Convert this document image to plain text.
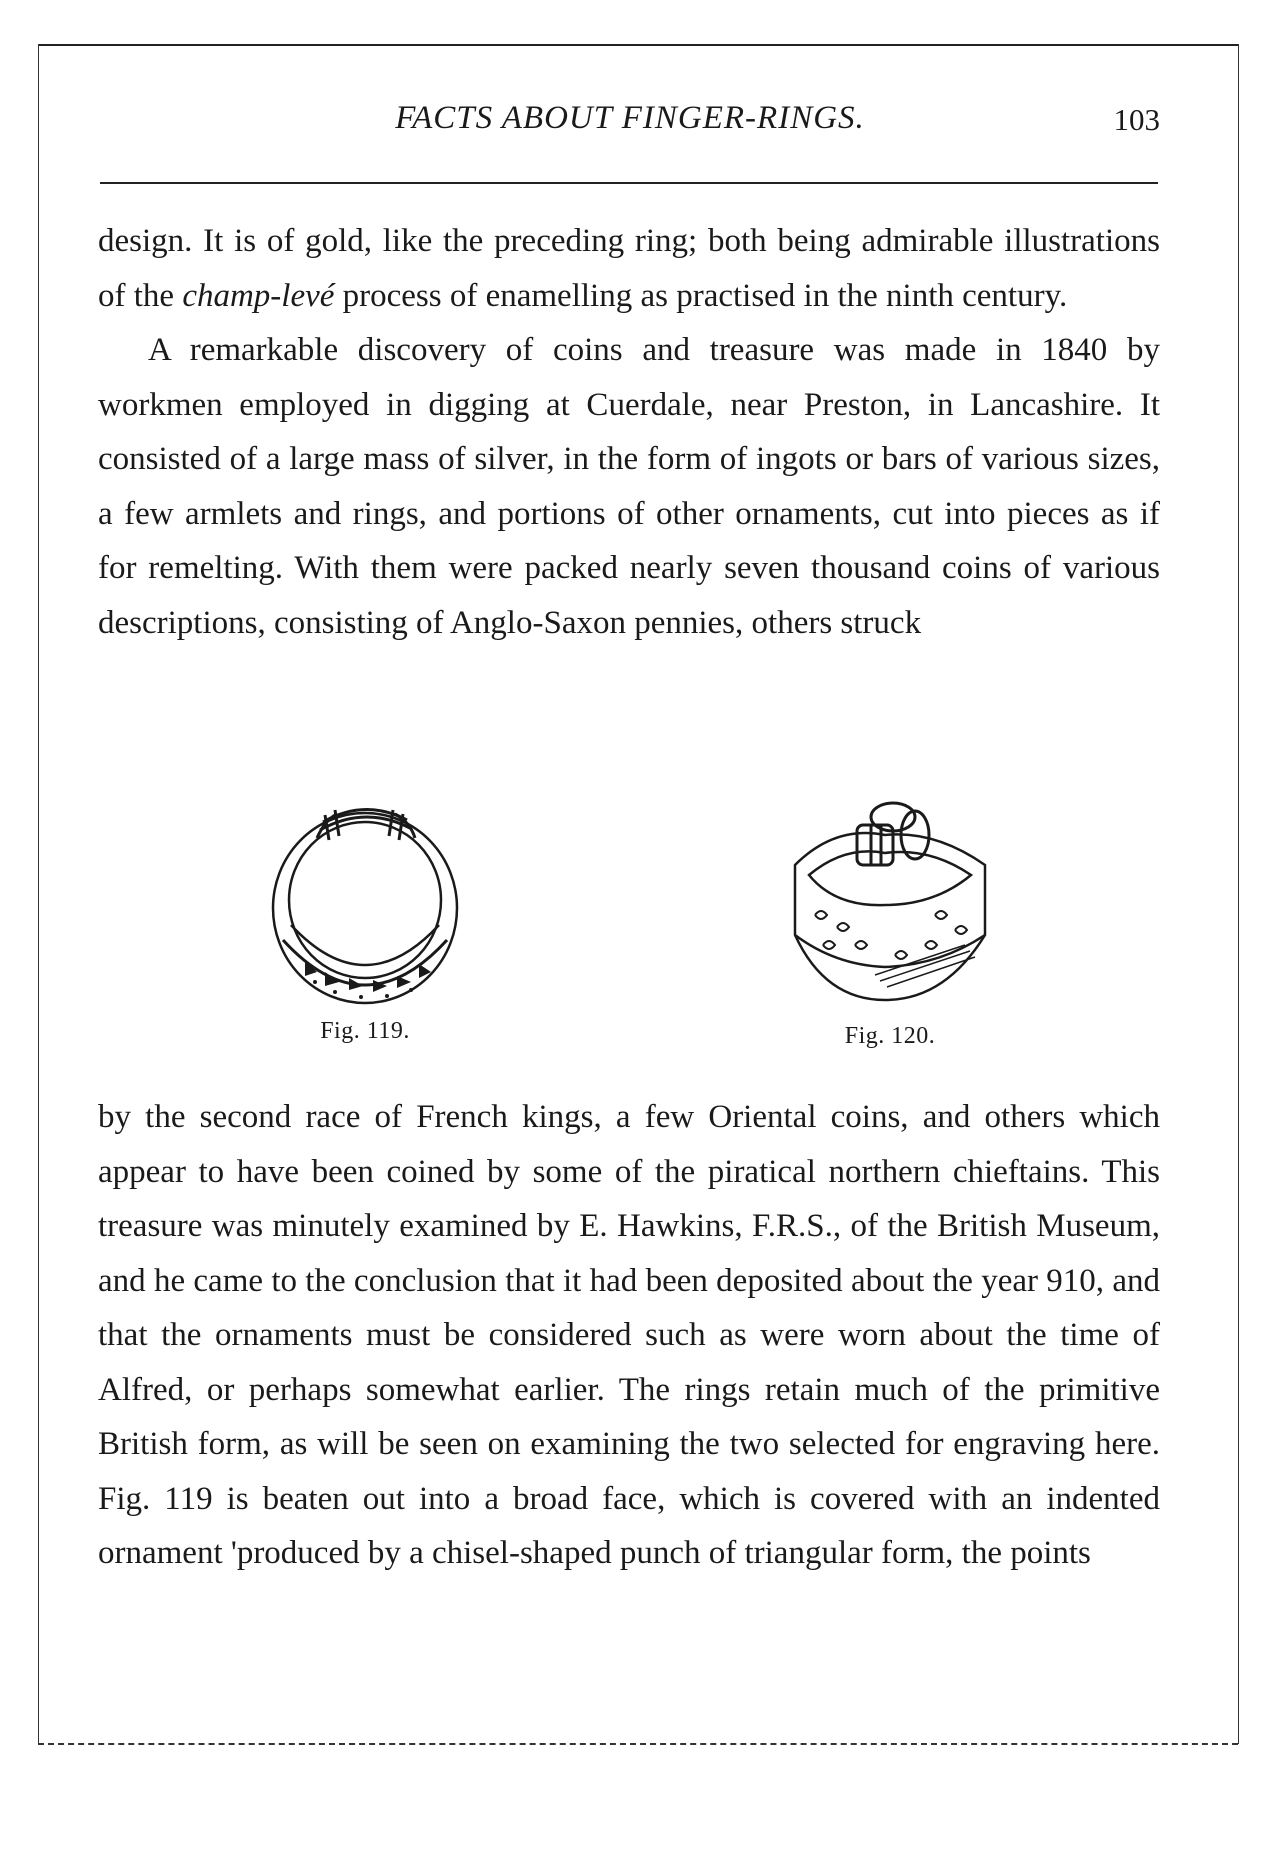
FACTS ABOUT FINGER-RINGS.	103

design. It is of gold, like the preceding ring; both being admirable illustrations of the champ-levé process of enamelling as practised in the ninth century.

A remarkable discovery of coins and treasure was made in 1840 by workmen employed in digging at Cuerdale, near Preston, in Lancashire. It consisted of a large mass of silver, in the form of ingots or bars of various sizes, a few armlets and rings, and portions of other ornaments, cut into pieces as if for remelting. With them were packed nearly seven thousand coins of various descriptions, consisting of Anglo-Saxon pennies, others struck

Fig. 119.	Fig. 120.

by the second race of French kings, a few Oriental coins, and others which appear to have been coined by some of the piratical northern chieftains. This treasure was minutely examined by E. Hawkins, F.R.S., of the British Museum, and he came to the conclusion that it had been deposited about the year 910, and that the ornaments must be considered such as were worn about the time of Alfred, or perhaps somewhat earlier. The rings retain much of the primitive British form, as will be seen on examining the two selected for engraving here. Fig. 119 is beaten out into a broad face, which is covered with an indented ornament 'produced by a chisel-shaped punch of triangular form, the points
